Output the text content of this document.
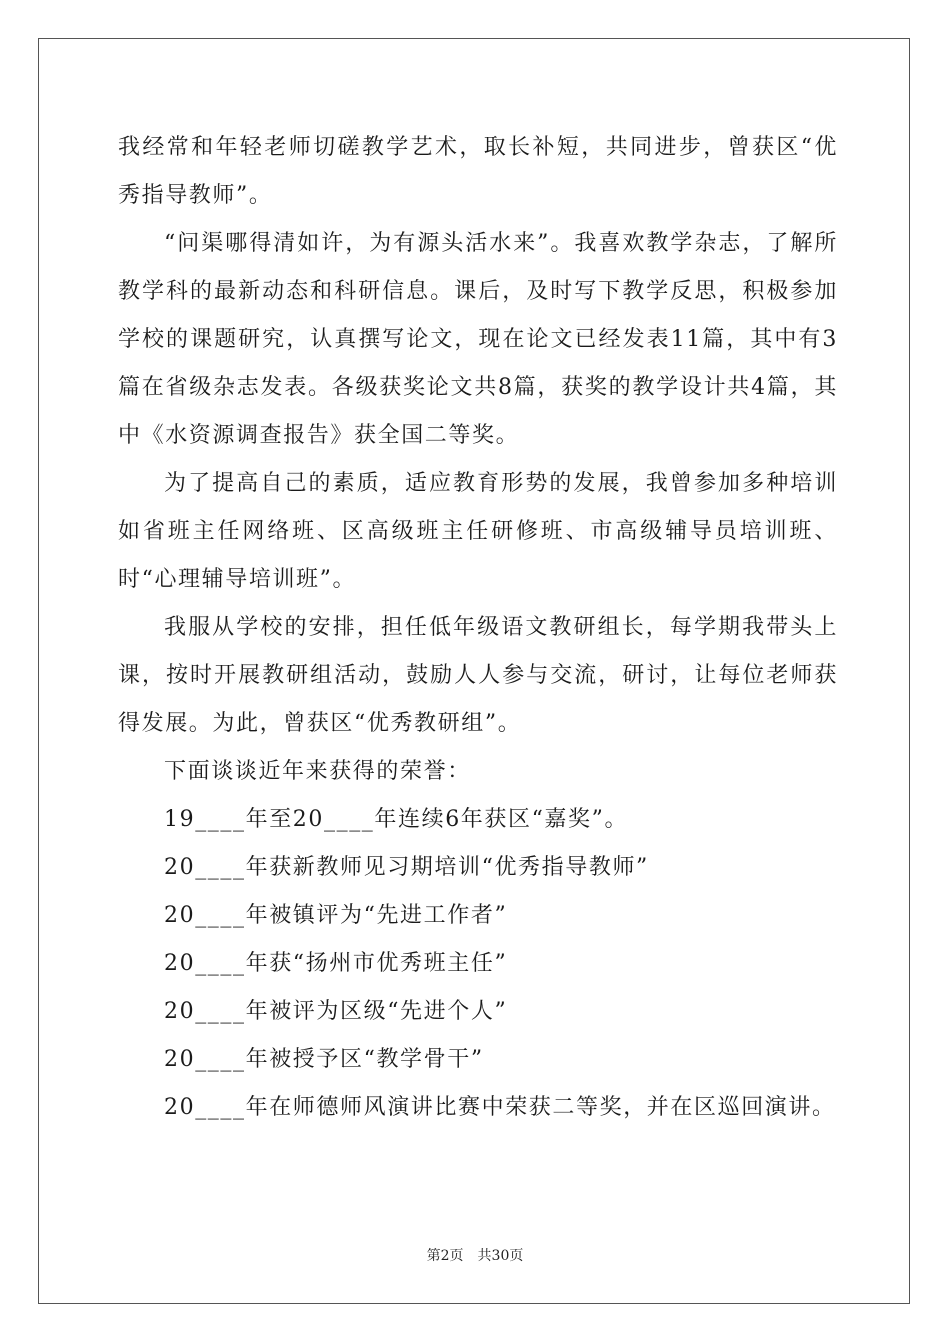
我经常和年轻老师切磋教学艺术，取长补短，共同进步，曾获区“优秀指导教师”。

“问渠哪得清如许，为有源头活水来”。我喜欢教学杂志，了解所教学科的最新动态和科研信息。课后，及时写下教学反思，积极参加学校的课题研究，认真撰写论文，现在论文已经发表11篇，其中有3篇在省级杂志发表。各级获奖论文共8篇，获奖的教学设计共4篇，其中《水资源调查报告》获全国二等奖。

为了提高自己的素质，适应教育形势的发展，我曾参加多种培训如省班主任网络班、区高级班主任研修班、市高级辅导员培训班、时“心理辅导培训班”。

我服从学校的安排，担任低年级语文教研组长，每学期我带头上课，按时开展教研组活动，鼓励人人参与交流，研讨，让每位老师获得发展。为此，曾获区“优秀教研组”。

下面谈谈近年来获得的荣誉：

19____年至20____年连续6年获区“嘉奖”。

20____年获新教师见习期培训“优秀指导教师”

20____年被镇评为“先进工作者”

20____年获“扬州市优秀班主任”

20____年被评为区级“先进个人”

20____年被授予区“教学骨干”

20____年在师德师风演讲比赛中荣获二等奖，并在区巡回演讲。

第2页 共30页
